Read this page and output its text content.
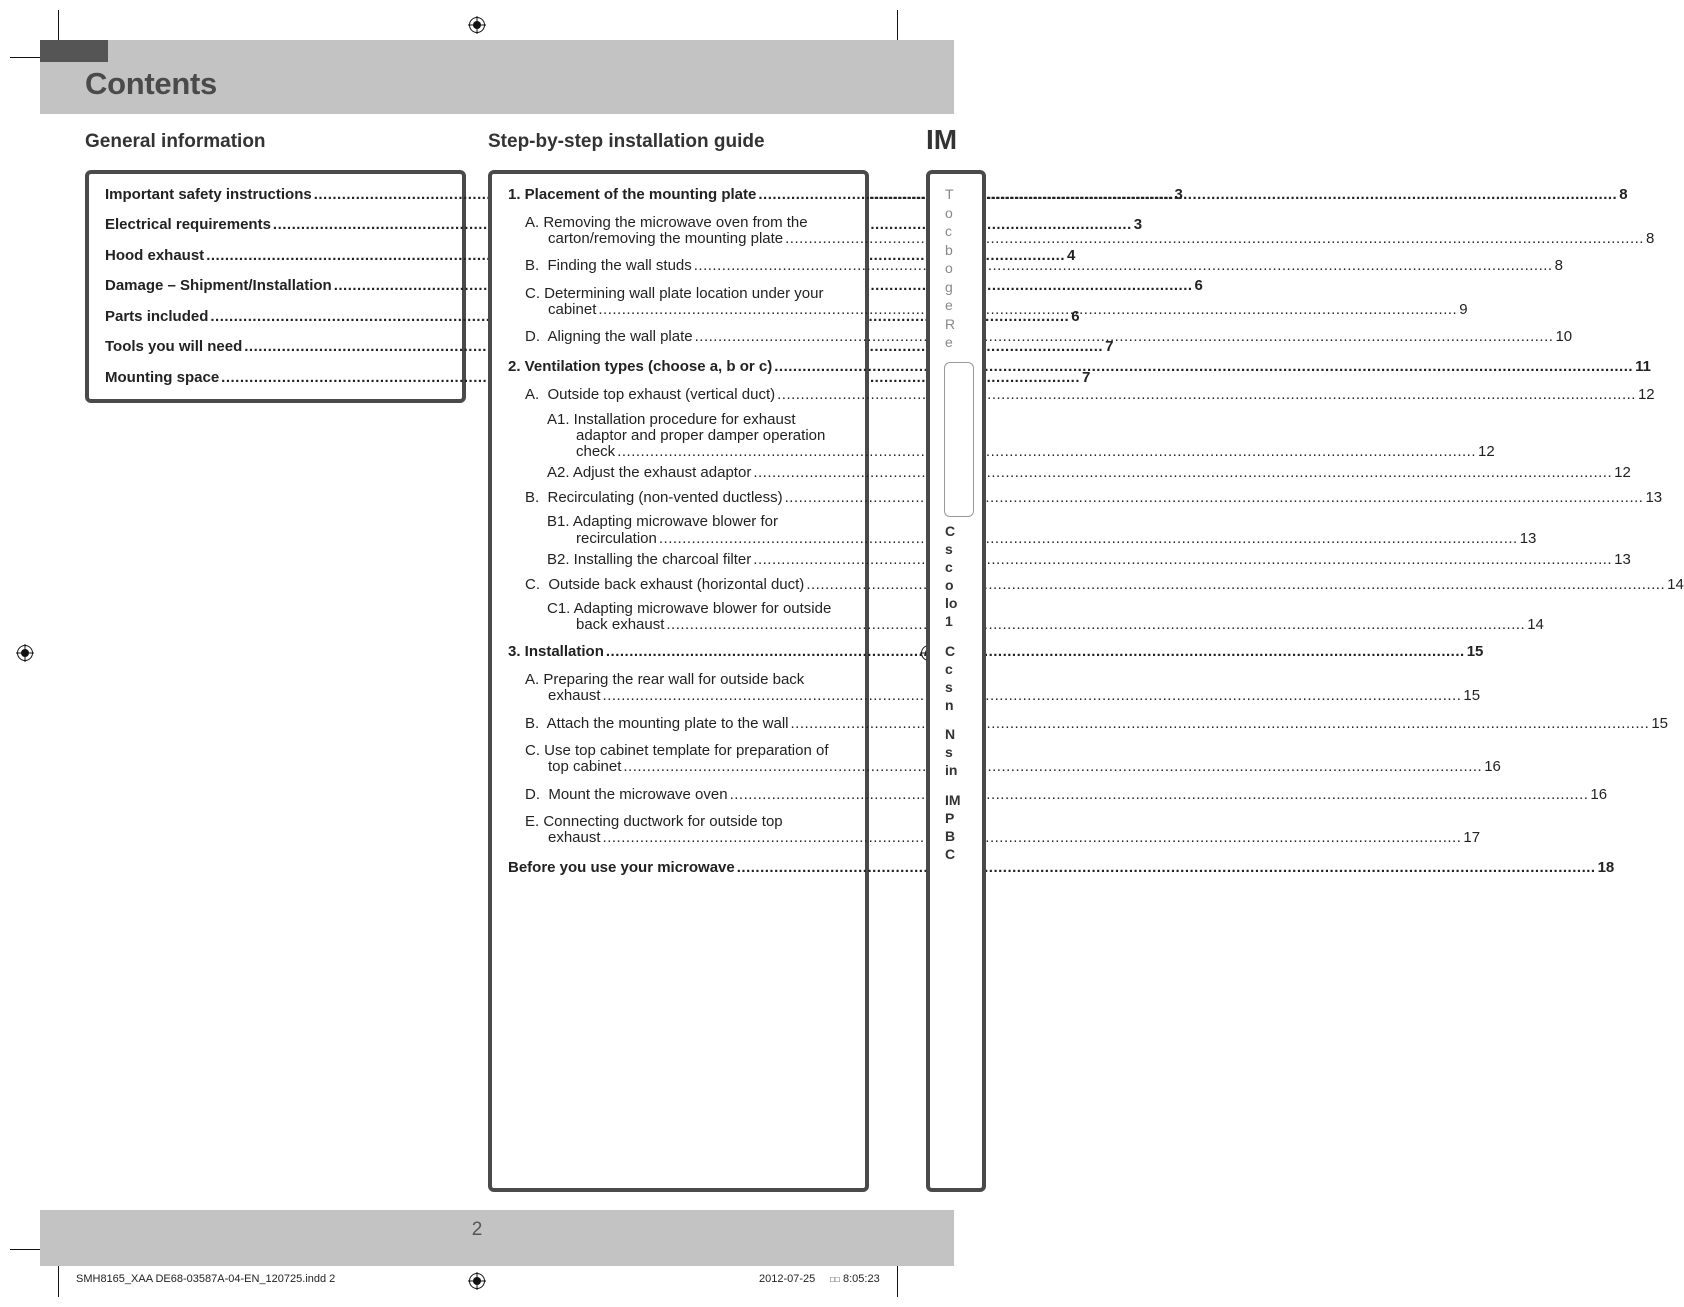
Contents
General information
Important safety instructions .....	3
Electrical requirements .....	3
Hood exhaust .....	4
Damage – Shipment/Installation .....	6
Parts included .....	6
Tools you will need .....	7
Mounting space .....	7
Step-by-step installation guide
1. Placement of the mounting plate .....	8
A. Removing the microwave oven from the
carton/removing the mounting plate .....	8
B.  Finding the wall studs .....	8
C. Determining wall plate location under your
cabinet .....	9
D.  Aligning the wall plate .....	10
2. Ventilation types (choose a, b or c) .....	11
A.  Outside top exhaust (vertical duct) .....	12
A1. Installation procedure for exhaust
adaptor and proper damper operation
check .....	12
A2. Adjust the exhaust adaptor .....	12
B.  Recirculating (non-vented ductless) .....	13
B1. Adapting microwave blower for
recirculation .....	13
B2. Installing the charcoal filter .....	13
C.  Outside back exhaust (horizontal duct) .....	14
C1. Adapting microwave blower for outside
back exhaust .....	14
3. Installation .....	15
A. Preparing the rear wall for outside back
exhaust .....	15
B.  Attach the mounting plate to the wall .....	15
C. Use top cabinet template for preparation of
top cabinet .....	16
D.  Mount the microwave oven .....	16
E. Connecting ductwork for outside top
exhaust .....	17
Before you use your microwave .....	18
IM
T
o
c
b
o
g
e
R
e
C
s
c
o
lo
1
C
c
s
n
N
s
in
IM
P
B
C
2
SMH8165_XAA DE68-03587A-04-EN_120725.indd 2	2012-07-25 □□ 8:05:23
